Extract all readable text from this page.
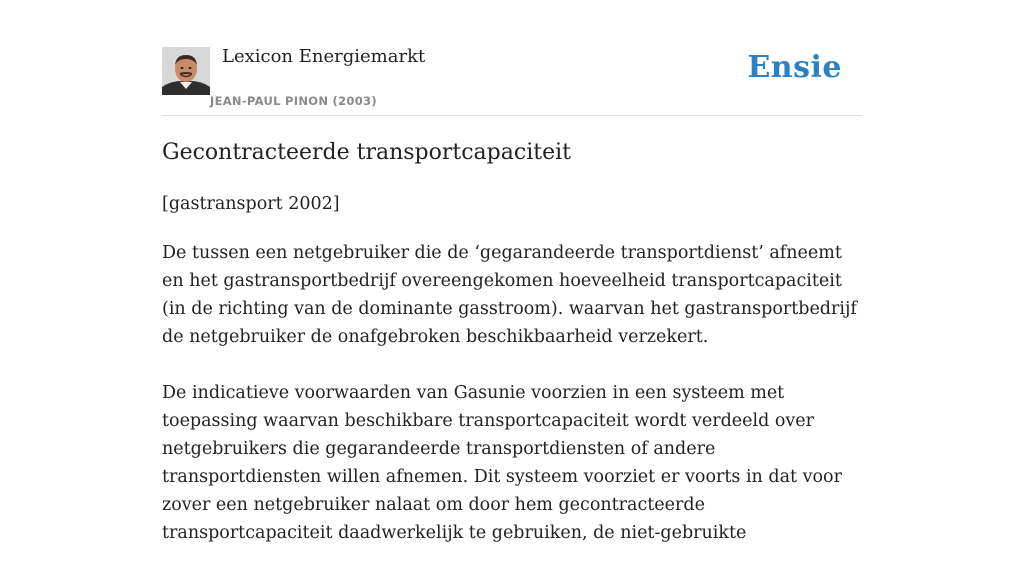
Lexicon Energiemarkt
JEAN-PAUL PINON (2003)
Ensie
Gecontracteerde transportcapaciteit
[gastransport 2002]

De tussen een netgebruiker die de ‘gegarandeerde transportdienst’ afneemt en het gastransportbedrijf overeengekomen hoeveelheid transportcapaciteit (in de richting van de dominante gasstroom). waarvan het gastransportbedrijf de netgebruiker de onafgebroken beschikbaarheid verzekert.

De indicatieve voorwaarden van Gasunie voorzien in een systeem met toepassing waarvan beschikbare transportcapaciteit wordt verdeeld over netgebruikers die gegarandeerde transportdiensten of andere transportdiensten willen afnemen. Dit systeem voorziet er voorts in dat voor zover een netgebruiker nalaat om door hem gecontracteerde transportcapaciteit daadwerkelijk te gebruiken, de niet-gebruikte
